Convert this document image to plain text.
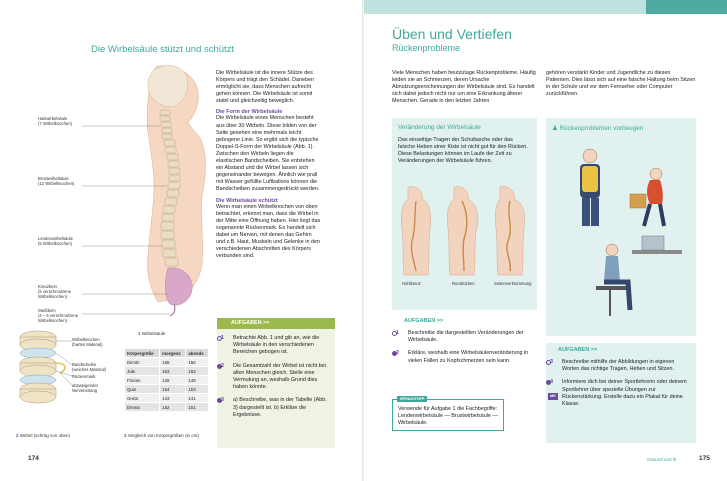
Die Wirbelsäule stützt und schützt
Halswirbelsäule
(7 Wirbelknochen)
Brustwirbelsäule
(12 Wirbelknochen)
Lendenwirbelsäule
(5 Wirbelknochen)
Kreuzbein
(5 verschmolzene Wirbelknochen)
Steißbein
(4 – 5 verschmolzene Wirbelknochen)
1 Wirbelsäule

Die Wirbelsäule ist die innere Stütze des Körpers und trägt den Schädel. Daneben ermöglicht sie, dass Menschen aufrecht gehen können. Die Wirbelsäule ist somit stabil und gleichzeitig beweglich.

Die Form der Wirbelsäule

Die Wirbelsäule eines Menschen besteht aus über 30 Wirbeln. Diese bilden von der Seite gesehen eine mehrmals leicht gebogene Linie. So ergibt sich die typische Doppel-S-Form der Wirbelsäule (Abb. 1). Zwischen den Wirbeln liegen die elastischen Bandscheiben. Sie entstehen ein Abstand und die Wirbel lassen sich gegeneinander bewegen. Ähnlich wie prall mit Wasser gefüllte Luftballons können die Bandscheiben zusammengedrückt werden.

Die Wirbelsäule schützt

Wenn man einen Wirbelknochen von oben betrachtet, erkennt man, dass die Wirbel in der Mitte eine Öffnung haben. Hier liegt das sogenannte Rückenmark. Es handelt sich dabei um Nerven, mit denen das Gehirn und z.B. Haut, Muskeln und Gelenke in den verschiedenen Abschnitten des Körpers verbunden sind.

Wirbelknochen
(hartes Material)
Bandscheibe
(weiches Material)
Rückenmark
abzweigender
Nervenstrang
2 Wirbel (schräg von oben)
Körpergröße	morgens	abends
Dimitri	158	156
Jule	163	162
Florian	149	148
Quin	154	153
Greta	143	141
Emma	152	151
3 Vergleich von Körpergrößen (in cm)
AUFGABEN >>
1 Betrachte Abb. 1 und gib an, wie die Wirbelsäule in den verschiedenen Bereichen gebogen ist.
2 Die Gesamtzahl der Wirbel ist nicht bei allen Menschen gleich. Stelle eine Vermutung an, weshalb Grund dies haben könnte.
3 a) Beschreibe, was in der Tabelle (Abb. 3) dargestellt ist. b) Erkläre die Ergebnisse.
174
Üben und Vertiefen
Rückenprobleme

Viele Menschen haben heutzutage Rückenprobleme. Häufig leiden sie an Schmerzen, deren Ursache Abnutzungserscheinungen der Wirbelsäule sind. Es handelt sich dabei jedoch nicht nur um eine Erkrankung älterer Menschen. Gerade in den letzten Jahren

gehören verstärkt Kinder und Jugendliche zu diesen Patienten. Dies lässt sich auf eine falsche Haltung beim Sitzen in der Schule und vor dem Fernseher oder Computer zurückführen.

Veränderung der Wirbelsäule

Das einseitige Tragen der Schultasche oder das falsche Heben einer Kiste ist nicht gut für den Rücken. Diese Belastungen können im Laufe der Zeit zu Veränderungen der Wirbelsäule führen.

Hohlkreuz	Rundrücken	Seitenverkrümmung
♟ Rückenproblemen vorbeugen
AUFGABEN >>
1 Beschreibe die dargestellten Veränderungen der Wirbelsäule.
2 Erkläre, weshalb eine Wirbelsäulenveränderung in vielen Fällen zu Kopfschmerzen sein kann.
SPRACHTIPP

Verwende für Aufgabe 1 die Fachbegriffe: Lendenwirbelsäule — Brustwirbelsäule — Wirbelsäule.

AUFGABEN >>
3 Beschreibe mithilfe der Abbildungen in eigenen Worten das richtige Tragen, Heben und Sitzen.
4 Informiere dich bei deiner Sportlehrerin oder deinem Sportlehrer über spezielle Übungen zur Rückenstärkung. Erstelle dazu ein Plakat für deine Klasse.
MK
Gesund und fit	175
